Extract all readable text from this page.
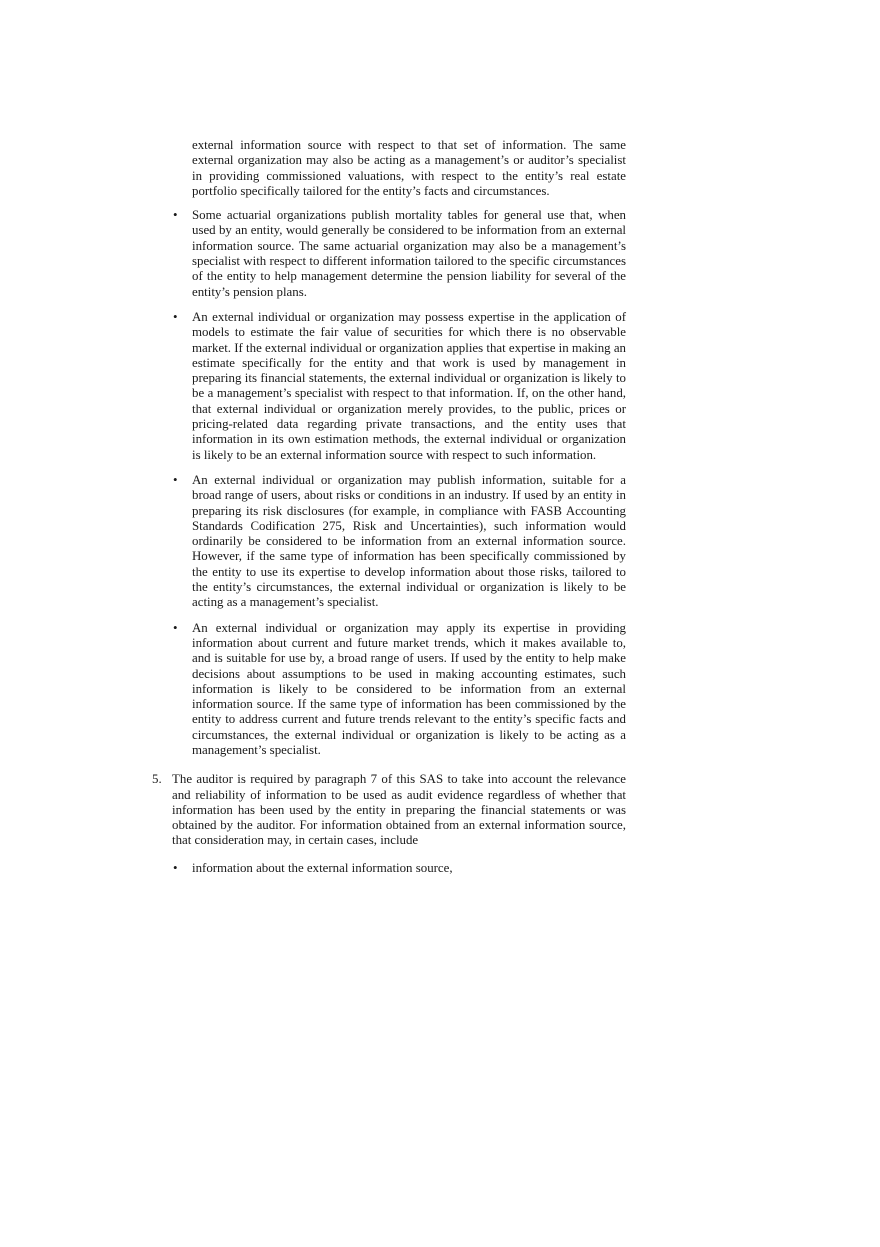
external information source with respect to that set of information. The same external organization may also be acting as a management’s or auditor’s specialist in providing commissioned valuations, with respect to the entity’s real estate portfolio specifically tailored for the entity’s facts and circumstances.

• Some actuarial organizations publish mortality tables for general use that, when used by an entity, would generally be considered to be information from an external information source. The same actuarial organization may also be a management’s specialist with respect to different information tailored to the specific circumstances of the entity to help management determine the pension liability for several of the entity’s pension plans.
• An external individual or organization may possess expertise in the application of models to estimate the fair value of securities for which there is no observable market. If the external individual or organization applies that expertise in making an estimate specifically for the entity and that work is used by management in preparing its financial statements, the external individual or organization is likely to be a management’s specialist with respect to that information. If, on the other hand, that external individual or organization merely provides, to the public, prices or pricing-related data regarding private transactions, and the entity uses that information in its own estimation methods, the external individual or organization is likely to be an external information source with respect to such information.
• An external individual or organization may publish information, suitable for a broad range of users, about risks or conditions in an industry. If used by an entity in preparing its risk disclosures (for example, in compliance with FASB Accounting Standards Codification 275, Risk and Uncertainties), such information would ordinarily be considered to be information from an external information source. However, if the same type of information has been specifically commissioned by the entity to use its expertise to develop information about those risks, tailored to the entity’s circumstances, the external individual or organization is likely to be acting as a management’s specialist.
• An external individual or organization may apply its expertise in providing information about current and future market trends, which it makes available to, and is suitable for use by, a broad range of users. If used by the entity to help make decisions about assumptions to be used in making accounting estimates, such information is likely to be considered to be information from an external information source. If the same type of information has been commissioned by the entity to address current and future trends relevant to the entity’s specific facts and circumstances, the external individual or organization is likely to be acting as a management’s specialist.

5. The auditor is required by paragraph 7 of this SAS to take into account the relevance and reliability of information to be used as audit evidence regardless of whether that information has been used by the entity in preparing the financial statements or was obtained by the auditor. For information obtained from an external information source, that consideration may, in certain cases, include

• information about the external information source,
